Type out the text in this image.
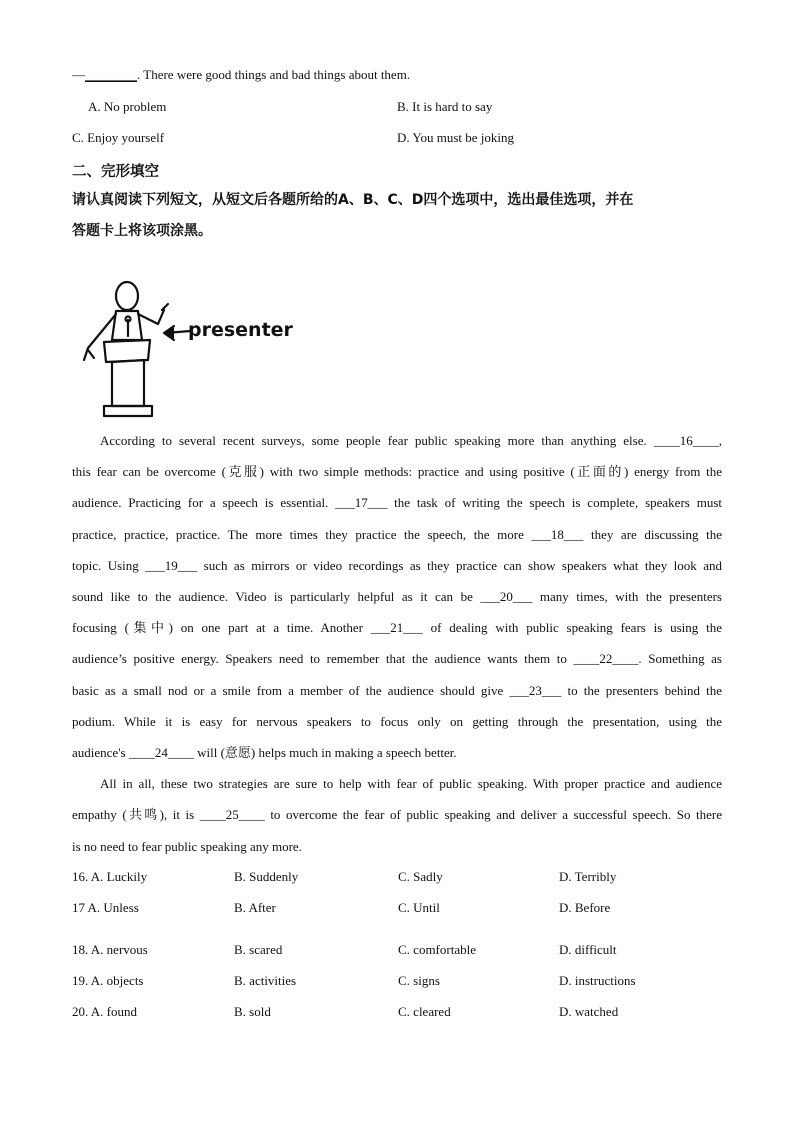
—________. There were good things and bad things about them.
A. No problem	B. It is hard to say
C. Enjoy yourself	D. You must be joking
二、完形填空
请认真阅读下列短文，从短文后各题所给的A、B、C、D四个选项中，选出最佳选项，并在
答题卡上将该项涂黑。
presenter
According to several recent surveys, some people fear public speaking more than anything else. ____16____,
this fear can be overcome (克服) with two simple methods: practice and using positive (正面的) energy from the
audience. Practicing for a speech is essential. ___17___ the task of writing the speech is complete, speakers must
practice, practice, practice. The more times they practice the speech, the more ___18___ they are discussing the
topic. Using ___19___ such as mirrors or video recordings as they practice can show speakers what they look and
sound like to the audience. Video is particularly helpful as it can be ___20___ many times, with the presenters
focusing (集中) on one part at a time. Another ___21___ of dealing with public speaking fears is using the
audience’s positive energy. Speakers need to remember that the audience wants them to ____22____. Something as
basic as a small nod or a smile from a member of the audience should give ___23___ to the presenters behind the
podium. While it is easy for nervous speakers to focus only on getting through the presentation, using the
audience's ____24____ will (意愿) helps much in making a speech better.
All in all, these two strategies are sure to help with fear of public speaking. With proper practice and audience
empathy (共鸣), it is ____25____ to overcome the fear of public speaking and deliver a successful speech. So there
is no need to fear public speaking any more.
16. A. Luckily	B. Suddenly	C. Sadly	D. Terribly
17 A. Unless	B. After	C. Until	D. Before
18. A. nervous	B. scared	C. comfortable	D. difficult
19. A. objects	B. activities	C. signs	D. instructions
20. A. found	B. sold	C. cleared	D. watched
